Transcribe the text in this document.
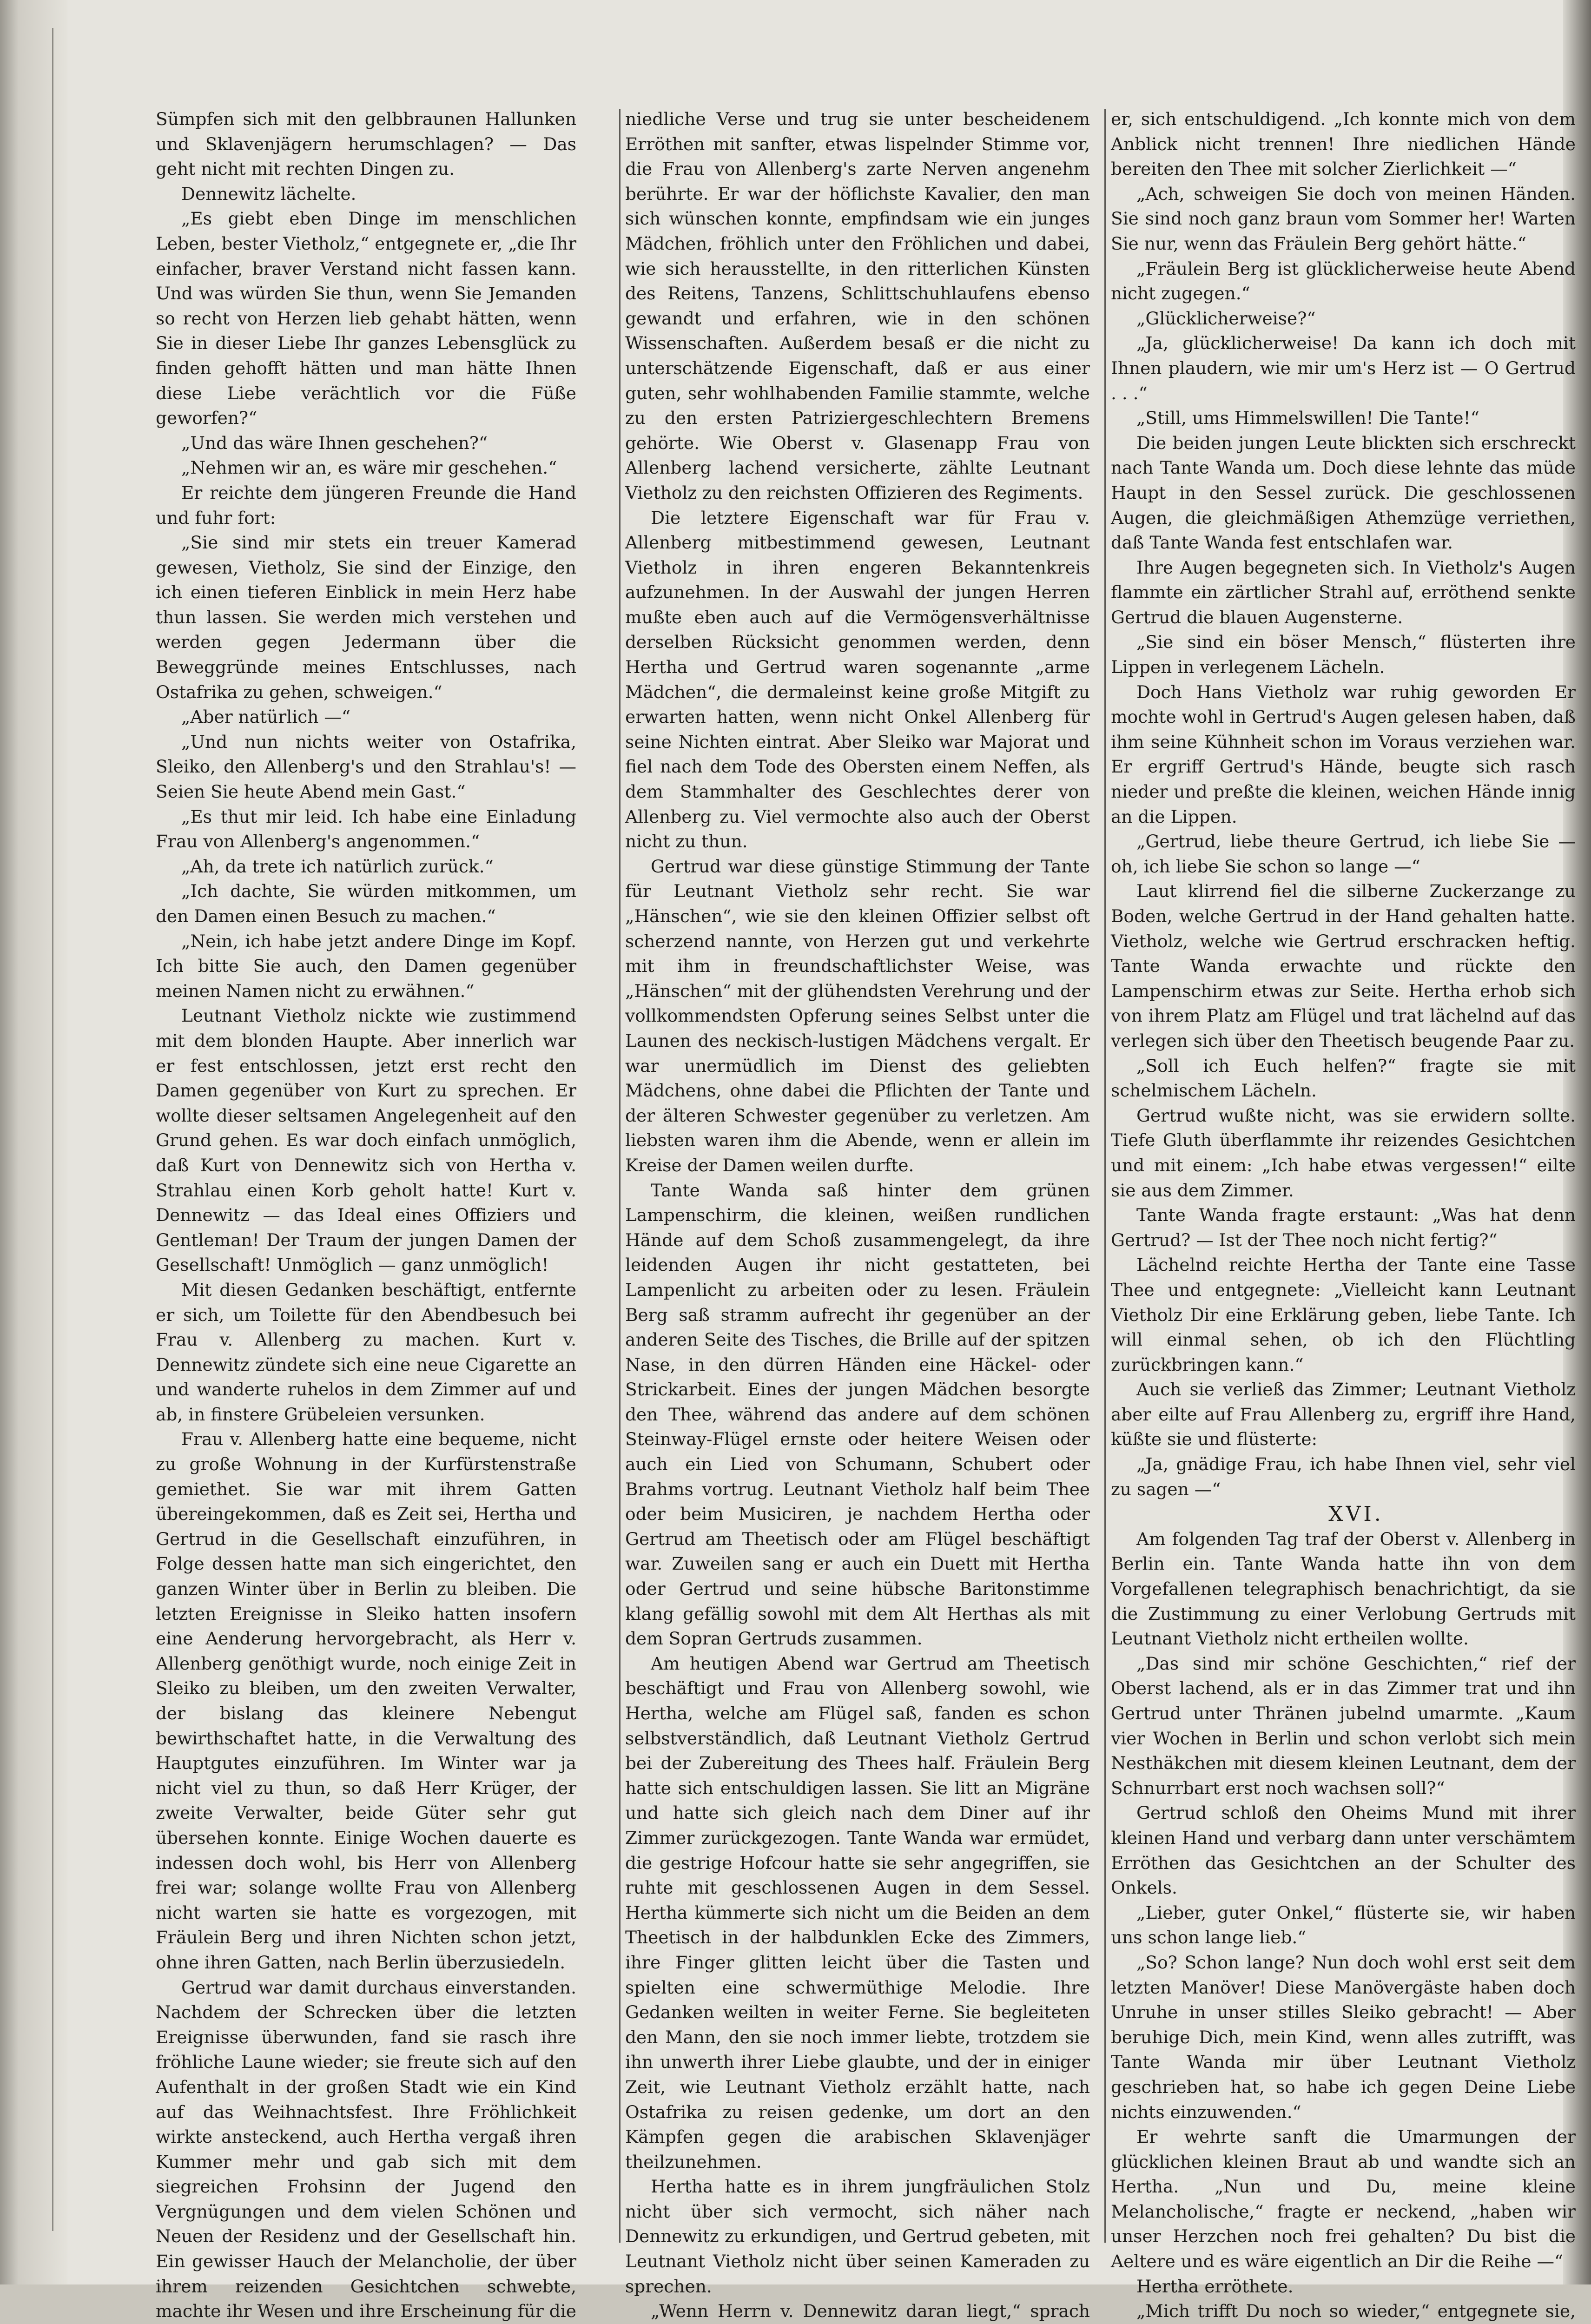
Sümpfen sich mit den gelbbraunen Hallunken und Sklavenjägern herumschlagen? — Das geht nicht mit rechten Dingen zu.

Dennewitz lächelte.

„Es giebt eben Dinge im menschlichen Leben, bester Vietholz,“ entgegnete er, „die Ihr einfacher, braver Verstand nicht fassen kann. Und was würden Sie thun, wenn Sie Jemanden so recht von Herzen lieb gehabt hätten, wenn Sie in dieser Liebe Ihr ganzes Lebensglück zu finden gehofft hätten und man hätte Ihnen diese Liebe verächtlich vor die Füße geworfen?“

„Und das wäre Ihnen geschehen?“

„Nehmen wir an, es wäre mir geschehen.“

Er reichte dem jüngeren Freunde die Hand und fuhr fort:

„Sie sind mir stets ein treuer Kamerad gewesen, Vietholz, Sie sind der Einzige, den ich einen tieferen Einblick in mein Herz habe thun lassen. Sie werden mich verstehen und werden gegen Jedermann über die Beweggründe meines Entschlusses, nach Ostafrika zu gehen, schweigen.“

„Aber natürlich —“

„Und nun nichts weiter von Ostafrika, Sleiko, den Allenberg's und den Strahlau's! — Seien Sie heute Abend mein Gast.“

„Es thut mir leid. Ich habe eine Einladung Frau von Allenberg's angenommen.“

„Ah, da trete ich natürlich zurück.“

„Ich dachte, Sie würden mitkommen, um den Damen einen Besuch zu machen.“

„Nein, ich habe jetzt andere Dinge im Kopf. Ich bitte Sie auch, den Damen gegenüber meinen Namen nicht zu erwähnen.“

Leutnant Vietholz nickte wie zustimmend mit dem blonden Haupte. Aber innerlich war er fest entschlossen, jetzt erst recht den Damen gegenüber von Kurt zu sprechen. Er wollte dieser seltsamen Angelegenheit auf den Grund gehen. Es war doch einfach unmöglich, daß Kurt von Dennewitz sich von Hertha v. Strahlau einen Korb geholt hatte! Kurt v. Dennewitz — das Ideal eines Offiziers und Gentleman! Der Traum der jungen Damen der Gesellschaft! Unmöglich — ganz unmöglich!

Mit diesen Gedanken beschäftigt, entfernte er sich, um Toilette für den Abendbesuch bei Frau v. Allenberg zu machen. Kurt v. Dennewitz zündete sich eine neue Cigarette an und wanderte ruhelos in dem Zimmer auf und ab, in finstere Grübeleien versunken.

Frau v. Allenberg hatte eine bequeme, nicht zu große Wohnung in der Kurfürstenstraße gemiethet. Sie war mit ihrem Gatten übereingekommen, daß es Zeit sei, Hertha und Gertrud in die Gesellschaft einzuführen, in Folge dessen hatte man sich eingerichtet, den ganzen Winter über in Berlin zu bleiben. Die letzten Ereignisse in Sleiko hatten insofern eine Aenderung hervorgebracht, als Herr v. Allenberg genöthigt wurde, noch einige Zeit in Sleiko zu bleiben, um den zweiten Verwalter, der bislang das kleinere Nebengut bewirthschaftet hatte, in die Verwaltung des Hauptgutes einzuführen. Im Winter war ja nicht viel zu thun, so daß Herr Krüger, der zweite Verwalter, beide Güter sehr gut übersehen konnte. Einige Wochen dauerte es indessen doch wohl, bis Herr von Allenberg frei war; solange wollte Frau von Allenberg nicht warten sie hatte es vorgezogen, mit Fräulein Berg und ihren Nichten schon jetzt, ohne ihren Gatten, nach Berlin überzusiedeln.

Gertrud war damit durchaus einverstanden. Nachdem der Schrecken über die letzten Ereignisse überwunden, fand sie rasch ihre fröhliche Laune wieder; sie freute sich auf den Aufenthalt in der großen Stadt wie ein Kind auf das Weihnachtsfest. Ihre Fröhlichkeit wirkte ansteckend, auch Hertha vergaß ihren Kummer mehr und gab sich mit dem siegreichen Frohsinn der Jugend den Vergnügungen und dem vielen Schönen und Neuen der Residenz und der Gesellschaft hin. Ein gewisser Hauch der Melancholie, der über ihrem reizenden Gesichtchen schwebte, machte ihr Wesen und ihre Erscheinung für die

niedliche Verse und trug sie unter bescheidenem Erröthen mit sanfter, etwas lispelnder Stimme vor, die Frau von Allenberg's zarte Nerven angenehm berührte. Er war der höflichste Kavalier, den man sich wünschen konnte, empfindsam wie ein junges Mädchen, fröhlich unter den Fröhlichen und dabei, wie sich herausstellte, in den ritterlichen Künsten des Reitens, Tanzens, Schlittschuhlaufens ebenso gewandt und erfahren, wie in den schönen Wissenschaften. Außerdem besaß er die nicht zu unterschätzende Eigenschaft, daß er aus einer guten, sehr wohlhabenden Familie stammte, welche zu den ersten Patriziergeschlechtern Bremens gehörte. Wie Oberst v. Glasenapp Frau von Allenberg lachend versicherte, zählte Leutnant Vietholz zu den reichsten Offizieren des Regiments.

Die letztere Eigenschaft war für Frau v. Allenberg mitbestimmend gewesen, Leutnant Vietholz in ihren engeren Bekanntenkreis aufzunehmen. In der Auswahl der jungen Herren mußte eben auch auf die Vermögensverhältnisse derselben Rücksicht genommen werden, denn Hertha und Gertrud waren sogenannte „arme Mädchen“, die dermaleinst keine große Mitgift zu erwarten hatten, wenn nicht Onkel Allenberg für seine Nichten eintrat. Aber Sleiko war Majorat und fiel nach dem Tode des Obersten einem Neffen, als dem Stammhalter des Geschlechtes derer von Allenberg zu. Viel vermochte also auch der Oberst nicht zu thun.

Gertrud war diese günstige Stimmung der Tante für Leutnant Vietholz sehr recht. Sie war „Hänschen“, wie sie den kleinen Offizier selbst oft scherzend nannte, von Herzen gut und verkehrte mit ihm in freundschaftlichster Weise, was „Hänschen“ mit der glühendsten Verehrung und der vollkommendsten Opferung seines Selbst unter die Launen des neckisch-lustigen Mädchens vergalt. Er war unermüdlich im Dienst des geliebten Mädchens, ohne dabei die Pflichten der Tante und der älteren Schwester gegenüber zu verletzen. Am liebsten waren ihm die Abende, wenn er allein im Kreise der Damen weilen durfte.

Tante Wanda saß hinter dem grünen Lampenschirm, die kleinen, weißen rundlichen Hände auf dem Schoß zusammengelegt, da ihre leidenden Augen ihr nicht gestatteten, bei Lampenlicht zu arbeiten oder zu lesen. Fräulein Berg saß stramm aufrecht ihr gegenüber an der anderen Seite des Tisches, die Brille auf der spitzen Nase, in den dürren Händen eine Häckel- oder Strickarbeit. Eines der jungen Mädchen besorgte den Thee, während das andere auf dem schönen Steinway-Flügel ernste oder heitere Weisen oder auch ein Lied von Schumann, Schubert oder Brahms vortrug. Leutnant Vietholz half beim Thee oder beim Musiciren, je nachdem Hertha oder Gertrud am Theetisch oder am Flügel beschäftigt war. Zuweilen sang er auch ein Duett mit Hertha oder Gertrud und seine hübsche Baritonstimme klang gefällig sowohl mit dem Alt Herthas als mit dem Sopran Gertruds zusammen.

Am heutigen Abend war Gertrud am Theetisch beschäftigt und Frau von Allenberg sowohl, wie Hertha, welche am Flügel saß, fanden es schon selbstverständlich, daß Leutnant Vietholz Gertrud bei der Zubereitung des Thees half. Fräulein Berg hatte sich entschuldigen lassen. Sie litt an Migräne und hatte sich gleich nach dem Diner auf ihr Zimmer zurückgezogen. Tante Wanda war ermüdet, die gestrige Hofcour hatte sie sehr angegriffen, sie ruhte mit geschlossenen Augen in dem Sessel. Hertha kümmerte sich nicht um die Beiden an dem Theetisch in der halbdunklen Ecke des Zimmers, ihre Finger glitten leicht über die Tasten und spielten eine schwermüthige Melodie. Ihre Gedanken weilten in weiter Ferne. Sie begleiteten den Mann, den sie noch immer liebte, trotzdem sie ihn unwerth ihrer Liebe glaubte, und der in einiger Zeit, wie Leutnant Vietholz erzählt hatte, nach Ostafrika zu reisen gedenke, um dort an den Kämpfen gegen die arabischen Sklavenjäger theilzunehmen.

Hertha hatte es in ihrem jungfräulichen Stolz nicht über sich vermocht, sich näher nach Dennewitz zu erkundigen, und Gertrud gebeten, mit Leutnant Vietholz nicht über seinen Kameraden zu sprechen.

„Wenn Herrn v. Dennewitz daran liegt,“ sprach

er, sich entschuldigend. „Ich konnte mich von dem Anblick nicht trennen! Ihre niedlichen Hände bereiten den Thee mit solcher Zierlichkeit —“

„Ach, schweigen Sie doch von meinen Händen. Sie sind noch ganz braun vom Sommer her! Warten Sie nur, wenn das Fräulein Berg gehört hätte.“

„Fräulein Berg ist glücklicherweise heute Abend nicht zugegen.“

„Glücklicherweise?“

„Ja, glücklicherweise! Da kann ich doch mit Ihnen plaudern, wie mir um's Herz ist — O Gertrud . . .“

„Still, ums Himmelswillen! Die Tante!“

Die beiden jungen Leute blickten sich erschreckt nach Tante Wanda um. Doch diese lehnte das müde Haupt in den Sessel zurück. Die geschlossenen Augen, die gleichmäßigen Athemzüge verriethen, daß Tante Wanda fest entschlafen war.

Ihre Augen begegneten sich. In Vietholz's Augen flammte ein zärtlicher Strahl auf, erröthend senkte Gertrud die blauen Augensterne.

„Sie sind ein böser Mensch,“ flüsterten ihre Lippen in verlegenem Lächeln.

Doch Hans Vietholz war ruhig geworden Er mochte wohl in Gertrud's Augen gelesen haben, daß ihm seine Kühnheit schon im Voraus verziehen war. Er ergriff Gertrud's Hände, beugte sich rasch nieder und preßte die kleinen, weichen Hände innig an die Lippen.

„Gertrud, liebe theure Gertrud, ich liebe Sie — oh, ich liebe Sie schon so lange —“

Laut klirrend fiel die silberne Zuckerzange zu Boden, welche Gertrud in der Hand gehalten hatte. Vietholz, welche wie Gertrud erschracken heftig. Tante Wanda erwachte und rückte den Lampenschirm etwas zur Seite. Hertha erhob sich von ihrem Platz am Flügel und trat lächelnd auf das verlegen sich über den Theetisch beugende Paar zu.

„Soll ich Euch helfen?“ fragte sie mit schelmischem Lächeln.

Gertrud wußte nicht, was sie erwidern sollte. Tiefe Gluth überflammte ihr reizendes Gesichtchen und mit einem: „Ich habe etwas vergessen!“ eilte sie aus dem Zimmer.

Tante Wanda fragte erstaunt: „Was hat denn Gertrud? — Ist der Thee noch nicht fertig?“

Lächelnd reichte Hertha der Tante eine Tasse Thee und entgegnete: „Vielleicht kann Leutnant Vietholz Dir eine Erklärung geben, liebe Tante. Ich will einmal sehen, ob ich den Flüchtling zurückbringen kann.“

Auch sie verließ das Zimmer; Leutnant Vietholz aber eilte auf Frau Allenberg zu, ergriff ihre Hand, küßte sie und flüsterte:

„Ja, gnädige Frau, ich habe Ihnen viel, sehr viel zu sagen —“

XVI.

Am folgenden Tag traf der Oberst v. Allenberg in Berlin ein. Tante Wanda hatte ihn von dem Vorgefallenen telegraphisch benachrichtigt, da sie die Zustimmung zu einer Verlobung Gertruds mit Leutnant Vietholz nicht ertheilen wollte.

„Das sind mir schöne Geschichten,“ rief der Oberst lachend, als er in das Zimmer trat und ihn Gertrud unter Thränen jubelnd umarmte. „Kaum vier Wochen in Berlin und schon verlobt sich mein Nesthäkchen mit diesem kleinen Leutnant, dem der Schnurrbart erst noch wachsen soll?“

Gertrud schloß den Oheims Mund mit ihrer kleinen Hand und verbarg dann unter verschämtem Erröthen das Gesichtchen an der Schulter des Onkels.

„Lieber, guter Onkel,“ flüsterte sie, wir haben uns schon lange lieb.“

„So? Schon lange? Nun doch wohl erst seit dem letzten Manöver! Diese Manövergäste haben doch Unruhe in unser stilles Sleiko gebracht! — Aber beruhige Dich, mein Kind, wenn alles zutrifft, was Tante Wanda mir über Leutnant Vietholz geschrieben hat, so habe ich gegen Deine Liebe nichts einzuwenden.“

Er wehrte sanft die Umarmungen der glücklichen kleinen Braut ab und wandte sich an Hertha. „Nun und Du, meine kleine Melancholische,“ fragte er neckend, „haben wir unser Herzchen noch frei gehalten? Du bist die Aeltere und es wäre eigentlich an Dir die Reihe —“

Hertha erröthete.

„Mich trifft Du noch so wieder,“ entgegnete sie,
